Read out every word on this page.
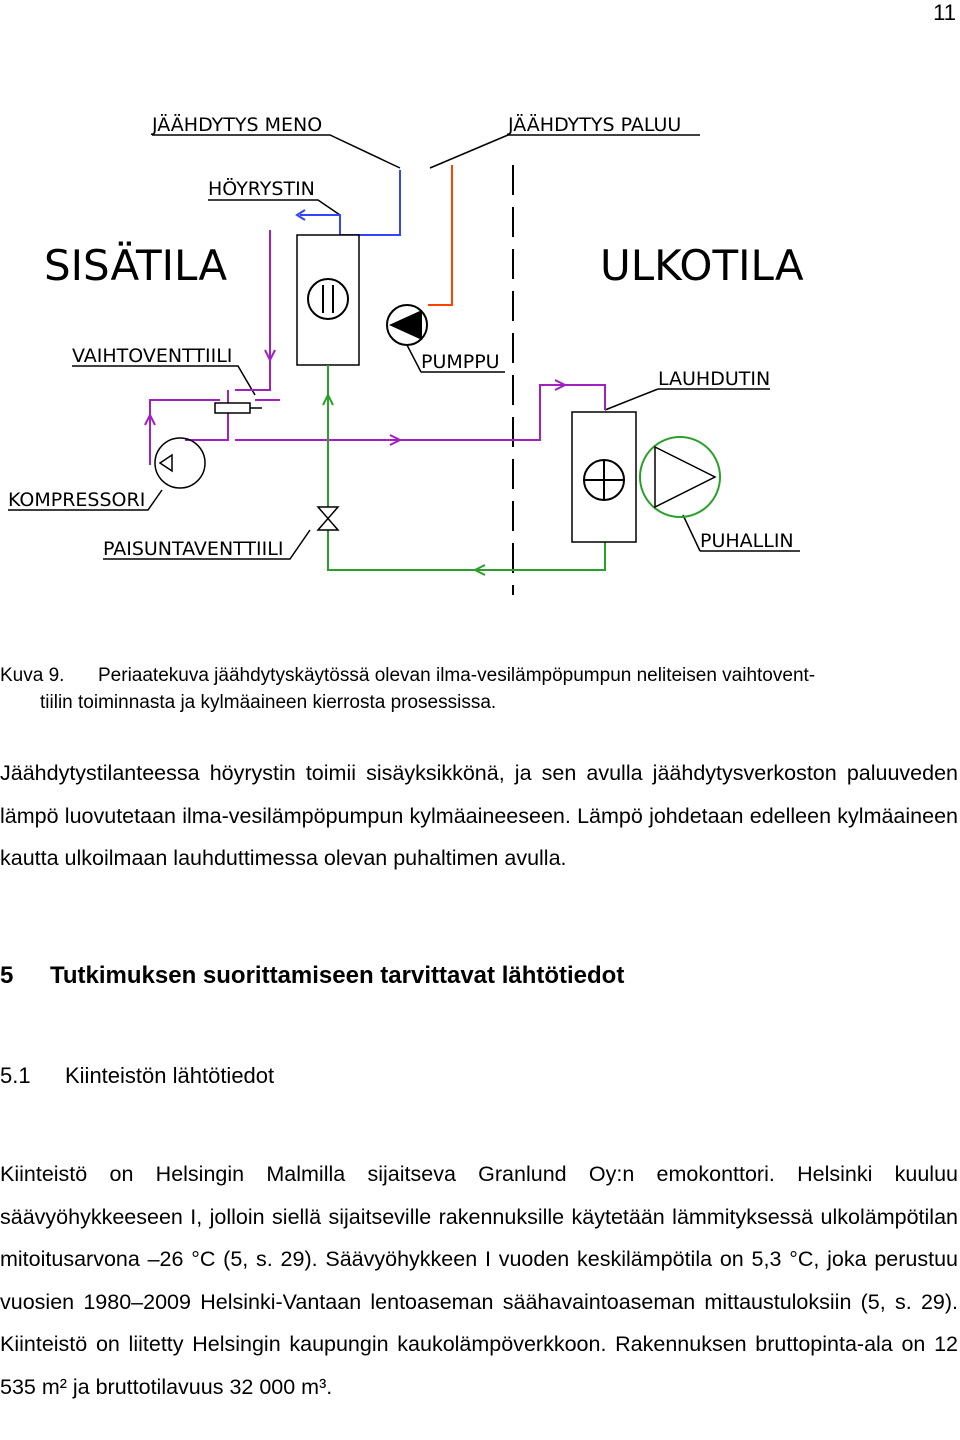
11
JÄÄHDYTYS MENO	JÄÄHDYTYS PALUU
HÖYRYSTIN
SISÄTILA	ULKOTILA
VAIHTOVENTTIILI	PUMPPU
LAUHDUTIN
KOMPRESSORI
PAISUNTAVENTTIILI	PUHALLIN
Kuva 9. Periaatekuva jäähdytyskäytössä olevan ilma-vesilämpöpumpun neliteisen vaihtovent-
tiilin toiminnasta ja kylmäaineen kierrosta prosessissa.
Jäähdytystilanteessa höyrystin toimii sisäyksikkönä, ja sen avulla jäähdytysverkoston paluuveden lämpö luovutetaan ilma-vesilämpöpumpun kylmäaineeseen. Lämpö johdetaan edelleen kylmäaineen kautta ulkoilmaan lauhduttimessa olevan puhaltimen avulla.
5 Tutkimuksen suorittamiseen tarvittavat lähtötiedot
5.1 Kiinteistön lähtötiedot
Kiinteistö on Helsingin Malmilla sijaitseva Granlund Oy:n emokonttori. Helsinki kuuluu säävyöhykkeeseen I, jolloin siellä sijaitseville rakennuksille käytetään lämmityksessä ulkolämpötilan mitoitusarvona –26 °C (5, s. 29). Säävyöhykkeen I vuoden keskilämpötila on 5,3 °C, joka perustuu vuosien 1980–2009 Helsinki-Vantaan lentoaseman säähavaintoaseman mittaustuloksiin (5, s. 29). Kiinteistö on liitetty Helsingin kaupungin kaukolämpöverkkoon. Rakennuksen bruttopinta-ala on 12 535 m² ja bruttotilavuus 32 000 m³.
